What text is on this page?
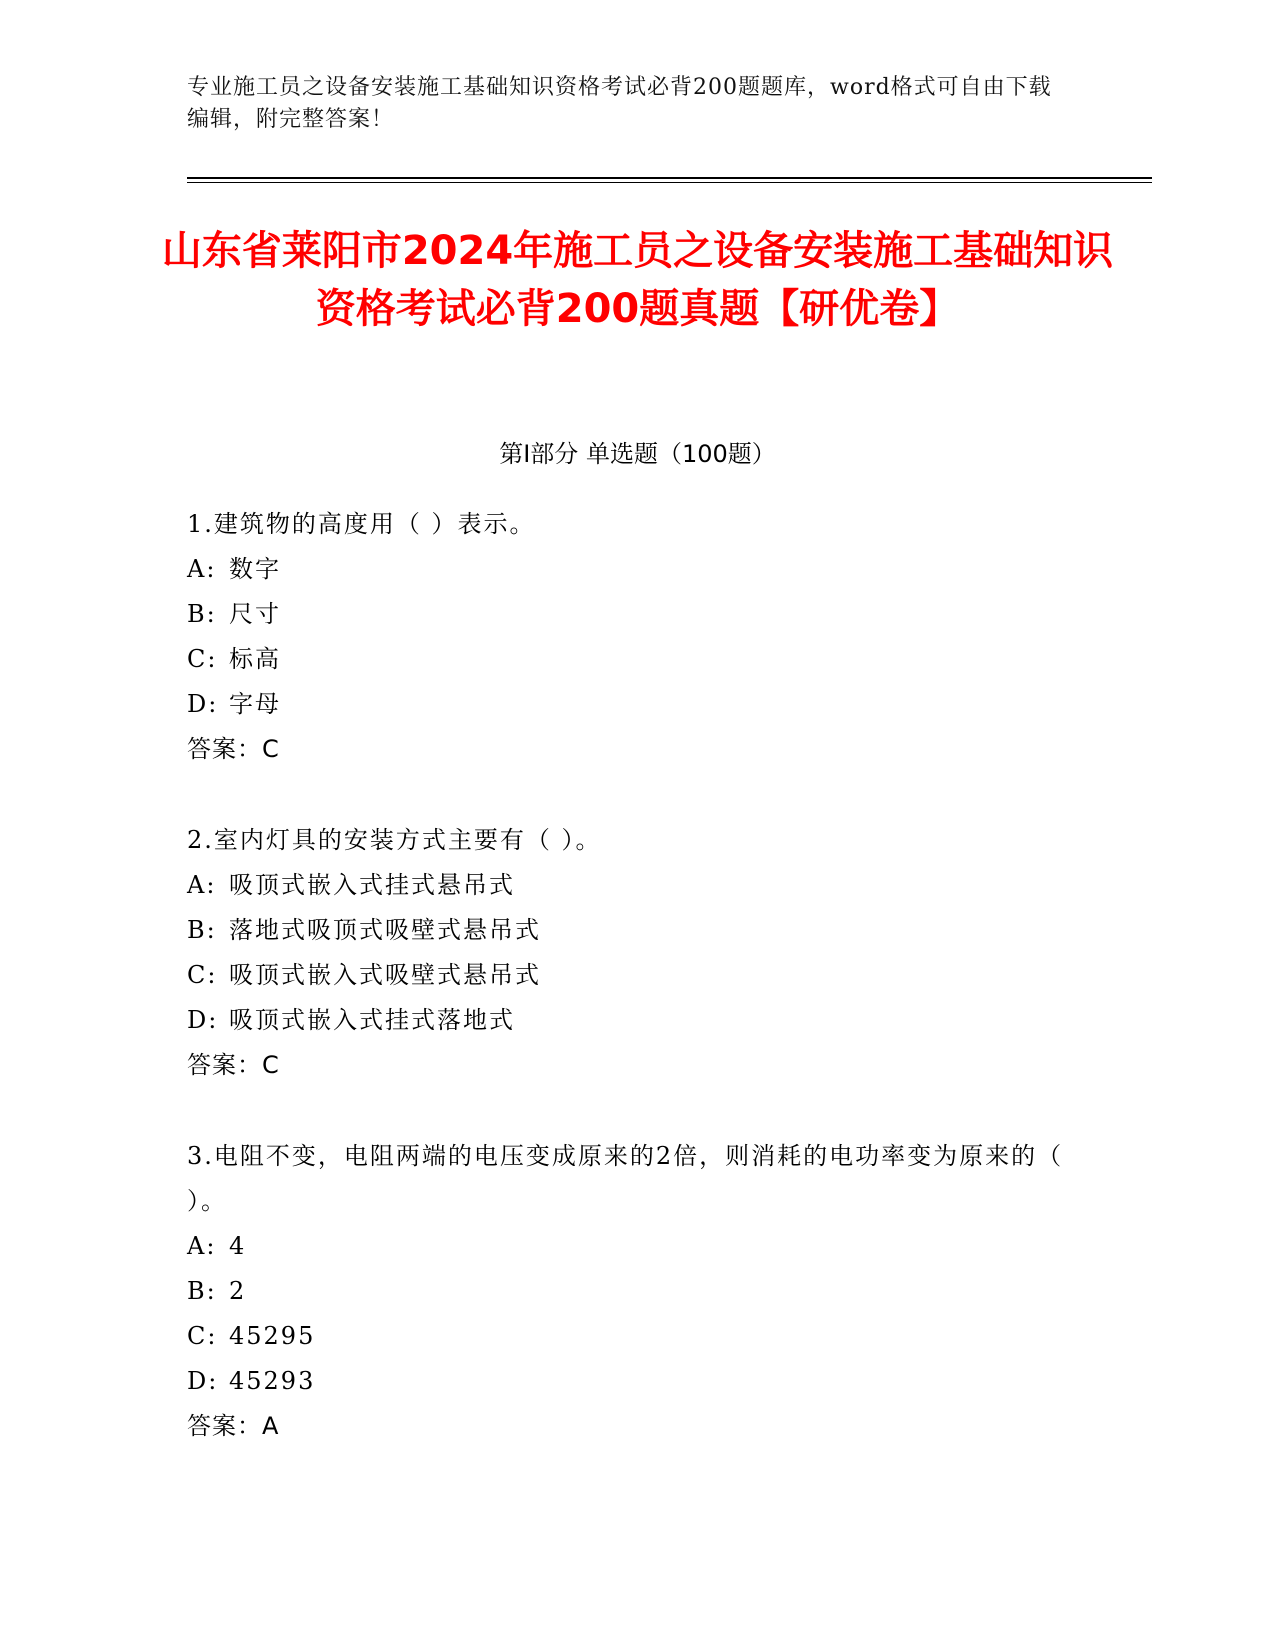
专业施工员之设备安装施工基础知识资格考试必背200题题库，word格式可自由下载编辑，附完整答案！
山东省莱阳市2024年施工员之设备安装施工基础知识资格考试必背200题真题【研优卷】
第I部分 单选题（100题）

1.建筑物的高度用（ ）表示。

A: 数字

B: 尺寸

C: 标高

D: 字母

答案：C

2.室内灯具的安装方式主要有（ ）。

A: 吸顶式嵌入式挂式悬吊式

B: 落地式吸顶式吸壁式悬吊式

C: 吸顶式嵌入式吸壁式悬吊式

D: 吸顶式嵌入式挂式落地式

答案：C

3.电阻不变，电阻两端的电压变成原来的2倍，则消耗的电功率变为原来的（ ）。

A: 4

B: 2

C: 45295

D: 45293

答案：A
